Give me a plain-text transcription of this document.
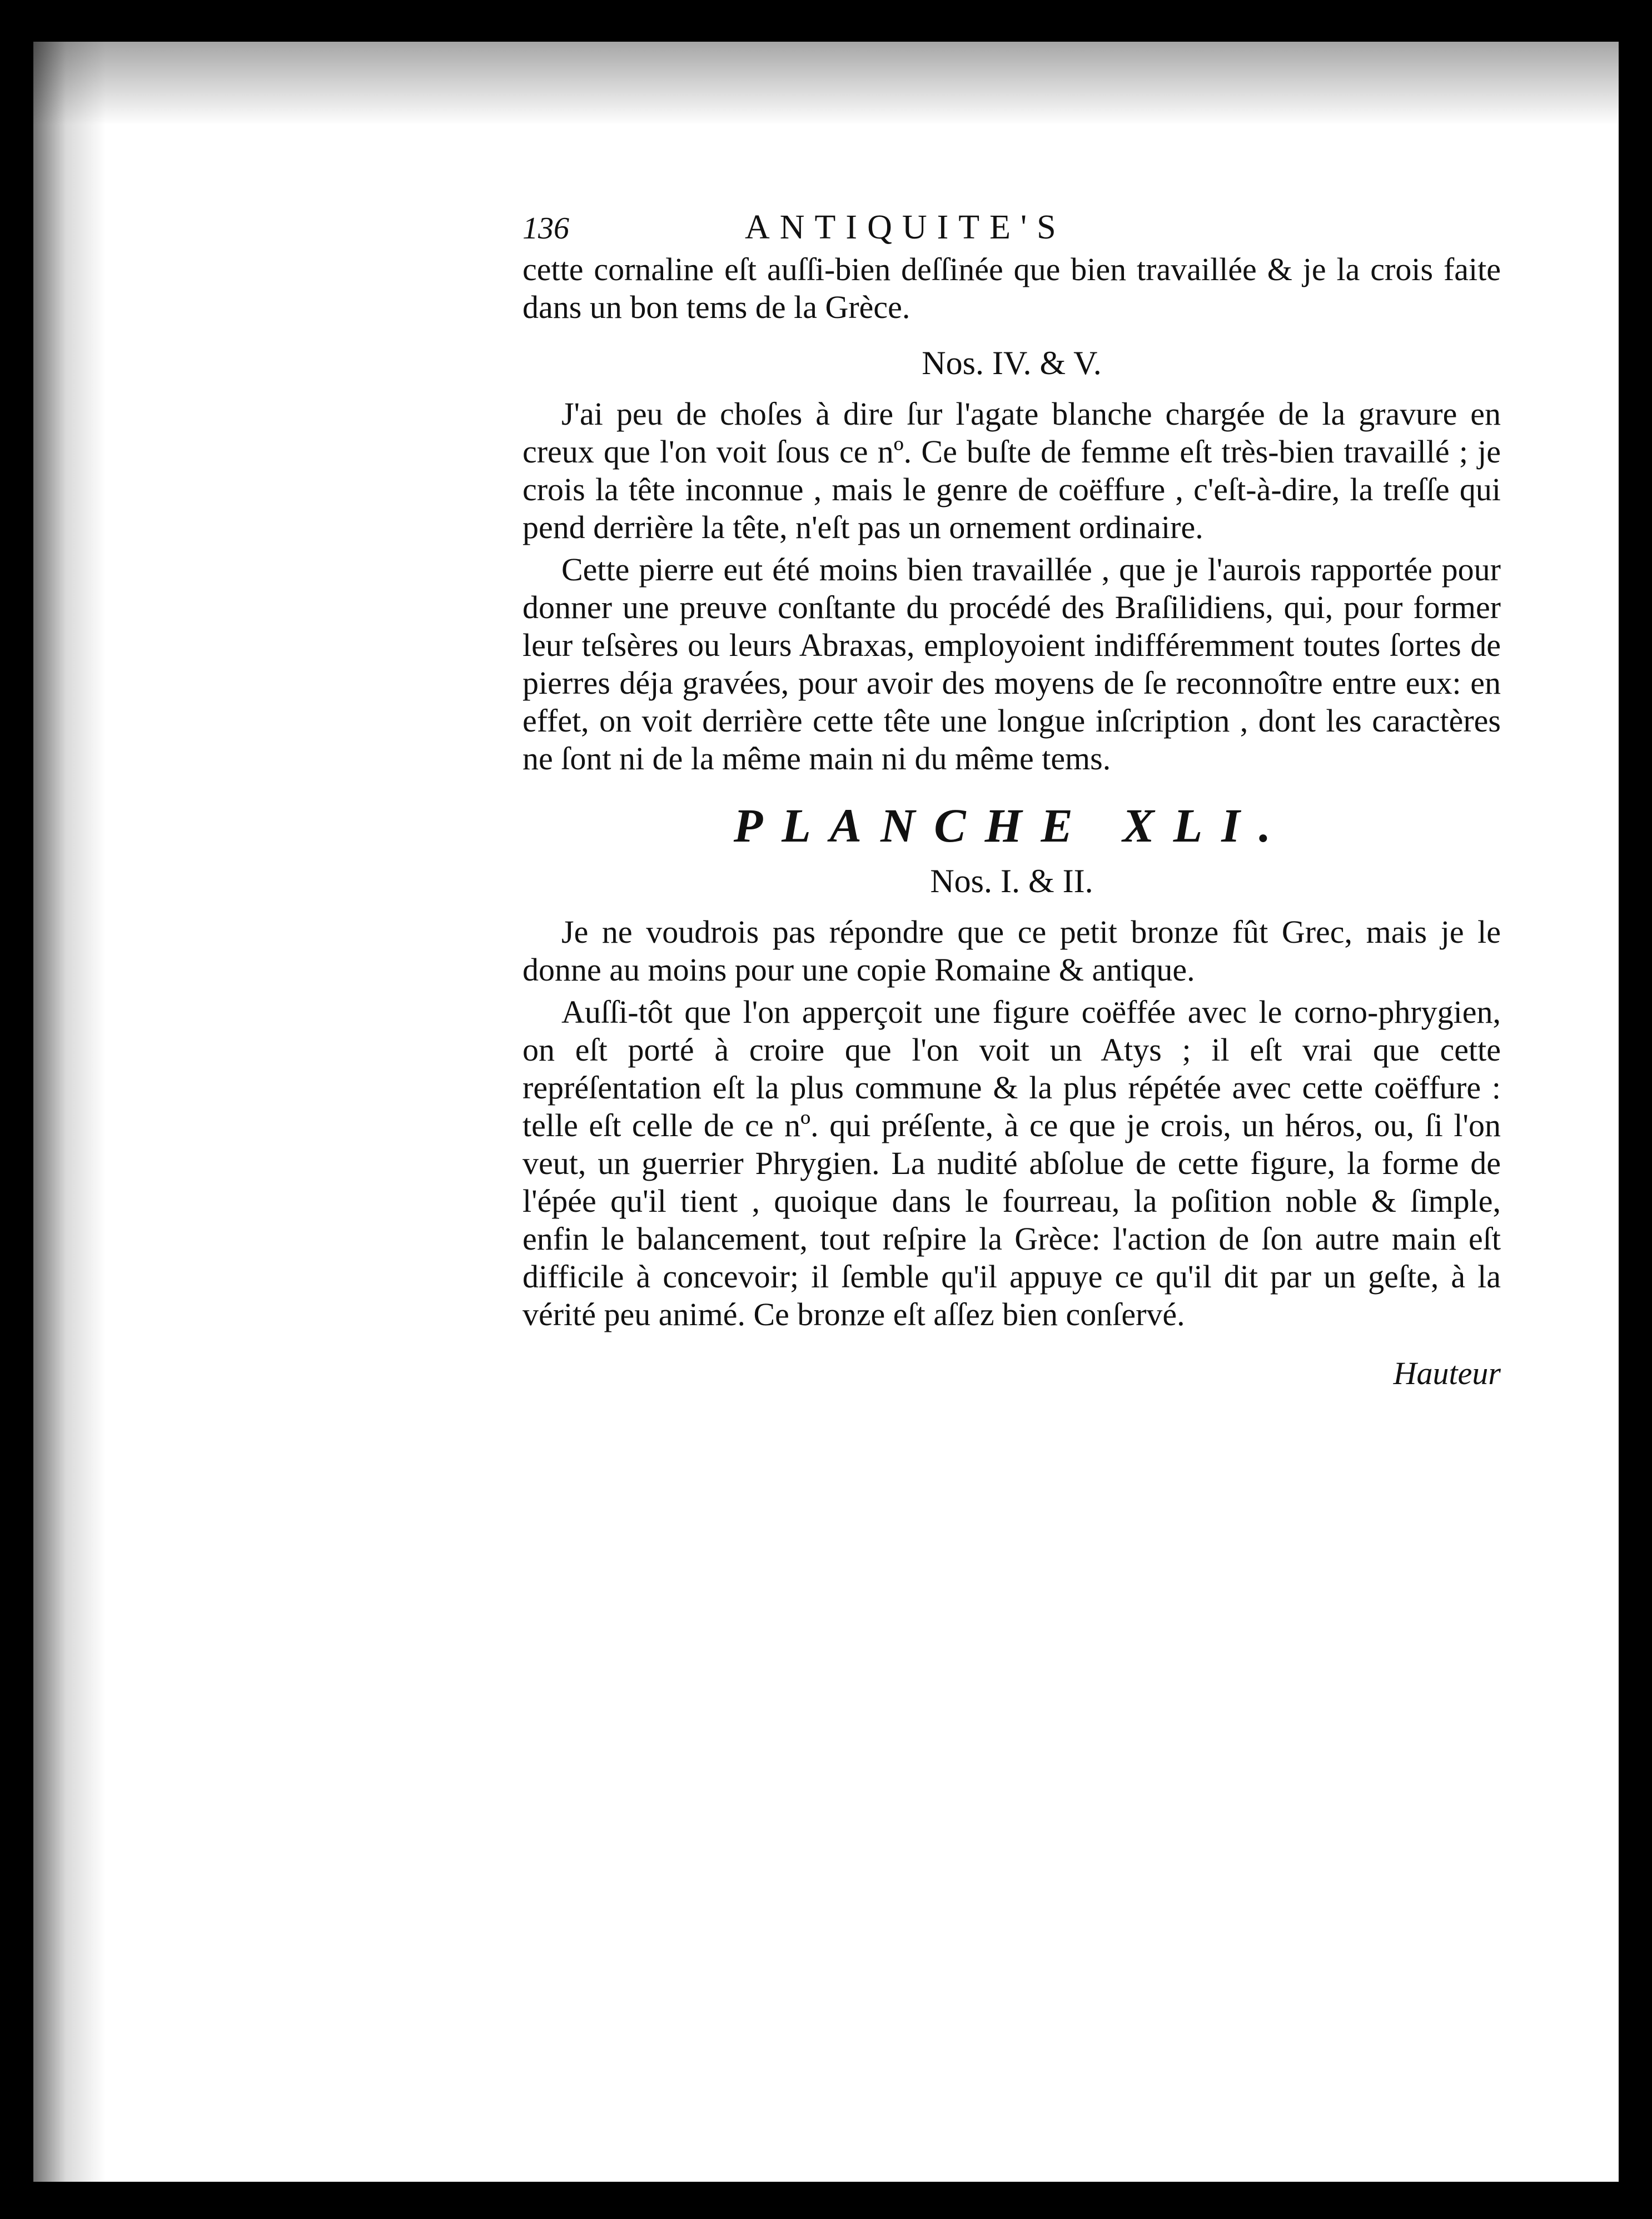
136	ANTIQUITE'S

cette cornaline eſt auſſi-bien deſſinée que bien travaillée & je la crois faite dans un bon tems de la Grèce.

Nos. IV. & V.

J'ai peu de choſes à dire ſur l'agate blanche chargée de la gravure en creux que l'on voit ſous ce nº. Ce buſte de femme eſt très-bien travaillé ; je crois la tête inconnue , mais le genre de coëffure , c'eſt-à-dire, la treſſe qui pend derrière la tête, n'eſt pas un ornement ordinaire.

Cette pierre eut été moins bien travaillée , que je l'aurois rapportée pour donner une preuve conſtante du procédé des Braſilidiens, qui, pour former leur teſsères ou leurs Abraxas, employoient indifféremment toutes ſortes de pierres déja gravées, pour avoir des moyens de ſe reconnoître entre eux: en effet, on voit derrière cette tête une longue inſcription , dont les caractères ne ſont ni de la même main ni du même tems.

PLANCHE XLI.
Nos. I. & II.

Je ne voudrois pas répondre que ce petit bronze fût Grec, mais je le donne au moins pour une copie Romaine & antique.

Auſſi-tôt que l'on apperçoit une figure coëffée avec le corno-phrygien, on eſt porté à croire que l'on voit un Atys ; il eſt vrai que cette repréſentation eſt la plus commune & la plus répétée avec cette coëffure : telle eſt celle de ce nº. qui préſente, à ce que je crois, un héros, ou, ſi l'on veut, un guerrier Phrygien. La nudité abſolue de cette figure, la forme de l'épée qu'il tient , quoique dans le fourreau, la poſition noble & ſimple, enfin le balancement, tout reſpire la Grèce: l'action de ſon autre main eſt difficile à concevoir; il ſemble qu'il appuye ce qu'il dit par un geſte, à la vérité peu animé. Ce bronze eſt aſſez bien conſervé.

Hauteur
